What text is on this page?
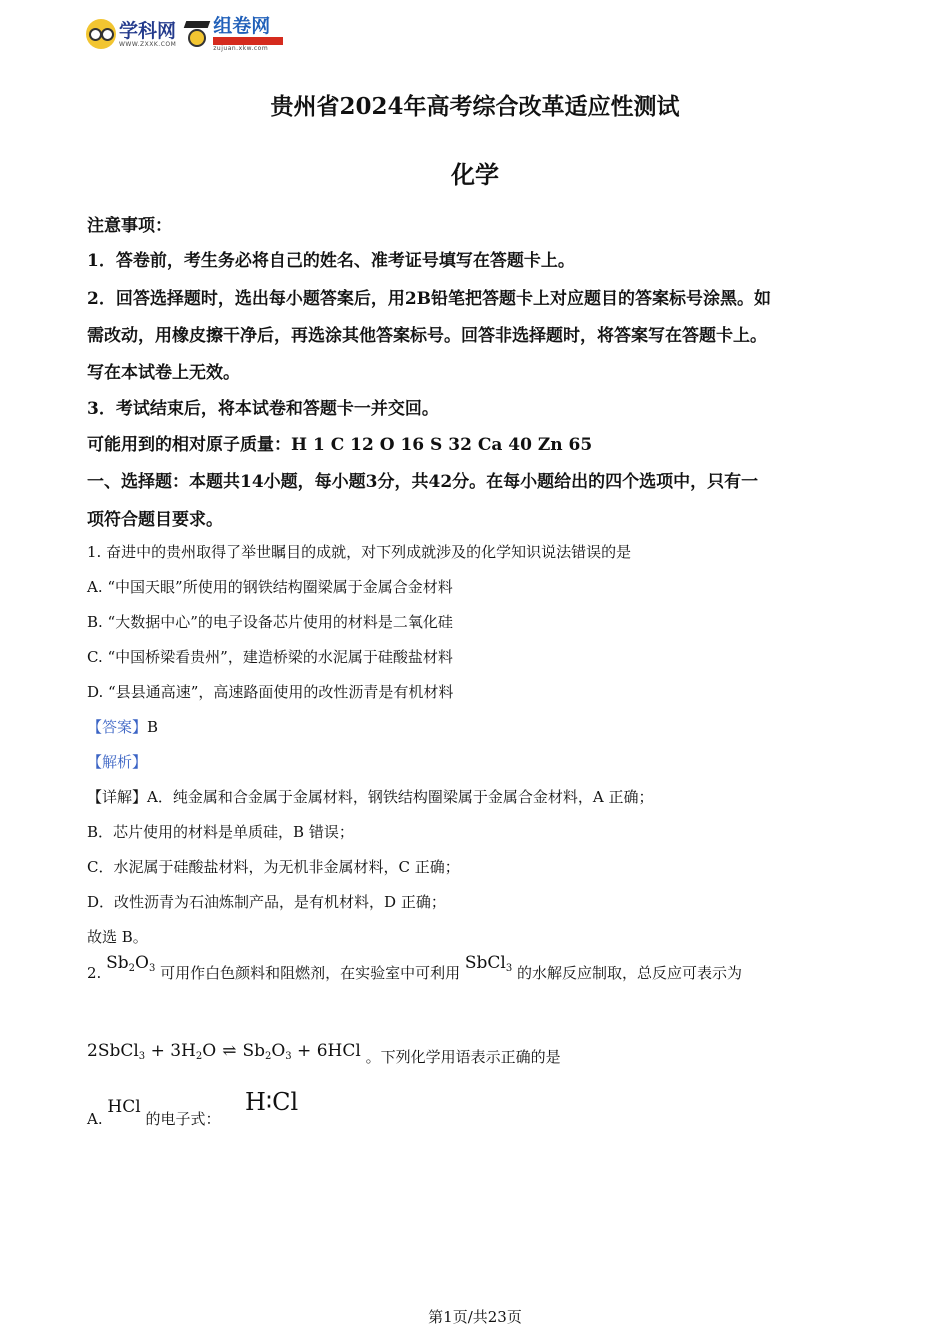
学科网
WWW.ZXXK.COM
组卷网
zujuan.xkw.com
贵州省2024年高考综合改革适应性测试
化学
注意事项：
1．答卷前，考生务必将自己的姓名、准考证号填写在答题卡上。
2．回答选择题时，选出每小题答案后，用2B铅笔把答题卡上对应题目的答案标号涂黑。如
需改动，用橡皮擦干净后，再选涂其他答案标号。回答非选择题时，将答案写在答题卡上。
写在本试卷上无效。
3．考试结束后，将本试卷和答题卡一并交回。
可能用到的相对原子质量：H 1 C 12 O 16 S 32 Ca 40 Zn 65
一、选择题：本题共14小题，每小题3分，共42分。在每小题给出的四个选项中，只有一
项符合题目要求。
1. 奋进中的贵州取得了举世瞩目的成就，对下列成就涉及的化学知识说法错误的是
A. “中国天眼”所使用的钢铁结构圈梁属于金属合金材料
B. “大数据中心”的电子设备芯片使用的材料是二氧化硅
C. “中国桥梁看贵州”，建造桥梁的水泥属于硅酸盐材料
D. “县县通高速”，高速路面使用的改性沥青是有机材料
【答案】B
【解析】
【详解】A．纯金属和合金属于金属材料，钢铁结构圈梁属于金属合金材料，A 正确；
B．芯片使用的材料是单质硅，B 错误；
C．水泥属于硅酸盐材料，为无机非金属材料，C 正确；
D．改性沥青为石油炼制产品，是有机材料，D 正确；
故选 B。
2. $Sb_2O_3$ 可用作白色颜料和阻燃剂，在实验室中可利用 SbCl$_3$ 的水解反应制取，总反应可表示为
2SbCl$_3$ + $3H_2O$ ⇌ $Sb_2O_3 + 6HCl$ 。下列化学用语表示正确的是
A. HCl 的电子式：
H∶Cl
第1页/共23页
